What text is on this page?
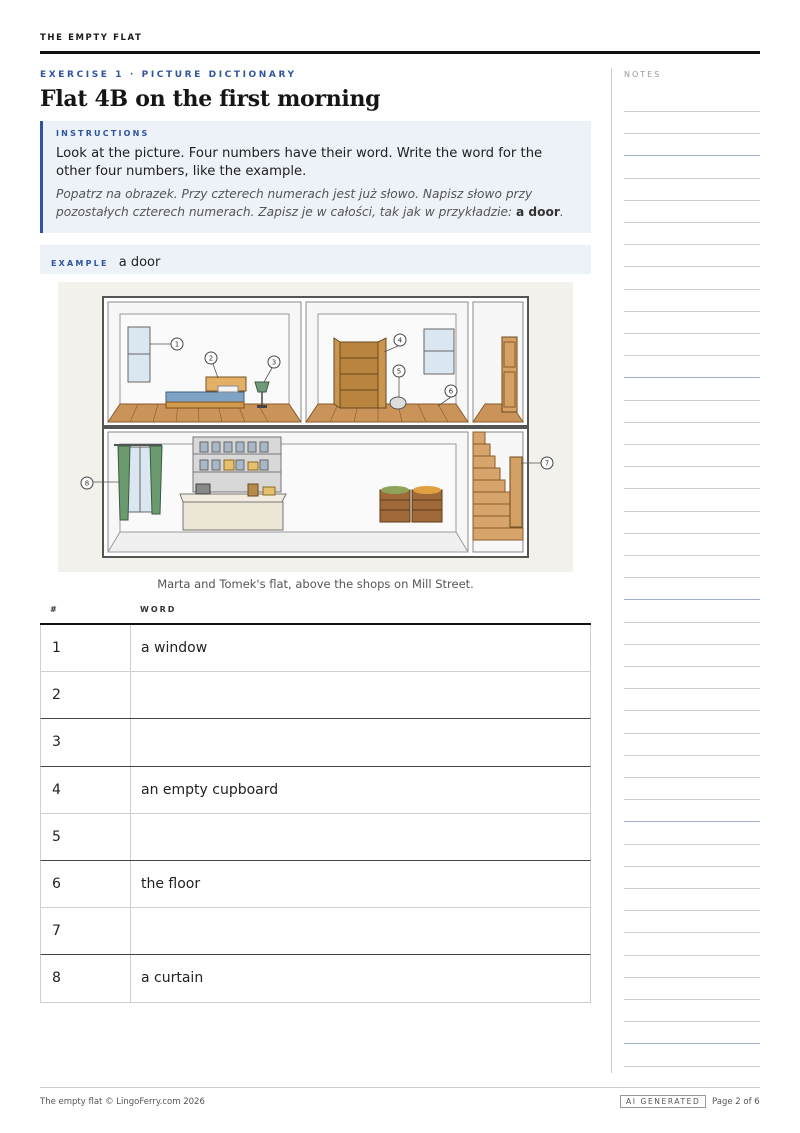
THE EMPTY FLAT
EXERCISE 1 · PICTURE DICTIONARY
Flat 4B on the first morning
INSTRUCTIONS
Look at the picture. Four numbers have their word. Write the word for the other four numbers, like the example.
Popatrz na obrazek. Przy czterech numerach jest już słowo. Napisz słowo przy pozostałych czterech numerach. Zapisz je w całości, tak jak w przykładzie: a door.
EXAMPLE a door
1
2	3
4
5
6
7
8
Marta and Tomek's flat, above the shops on Mill Street.
#	WORD
1	a window
2
3
4	an empty cupboard
5
6	the floor
7
8	a curtain
NOTES
The empty flat © LingoFerry.com 2026	AI GENERATED	Page 2 of 6
